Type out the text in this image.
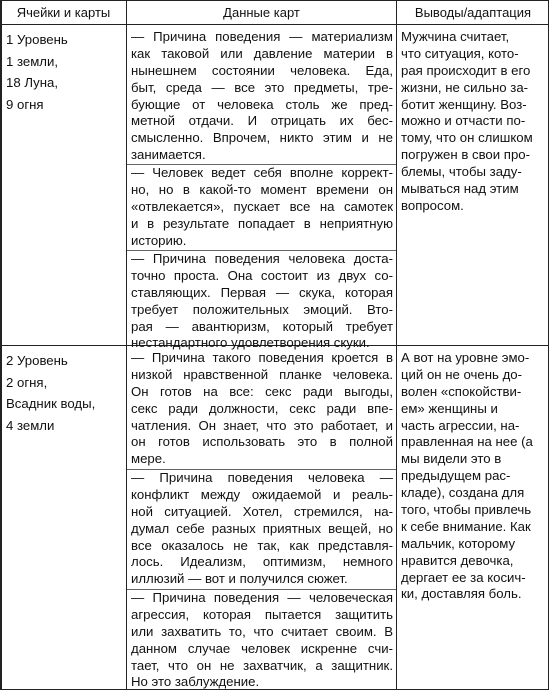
Ячейки и карты	Данные карт	Выводы/адаптация
1 Уровень
1 земли,
18 Луна,
9 огня
— Причина поведения — материализм
как таковой или давление материи в
нынешнем состоянии человека. Еда,
быт, среда — все это предметы, тре-
бующие от человека столь же пред-
метной отдачи. И отрицать их бес-
смысленно. Впрочем, никто этим и не
занимается.
— Человек ведет себя вполне коррект-
но, но в какой-то момент времени он
«отвлекается», пускает все на самотек
и в результате попадает в неприятную
историю.
— Причина поведения человека доста-
точно проста. Она состоит из двух со-
ставляющих. Первая — скука, которая
требует положительных эмоций. Вто-
рая — авантюризм, который требует
нестандартного удовлетворения скуки.
Мужчина считает,
что ситуация, кото-
рая происходит в его
жизни, не сильно за-
ботит женщину. Воз-
можно и отчасти по-
тому, что он слишком
погружен в свои про-
блемы, чтобы заду-
мываться над этим
вопросом.
2 Уровень
2 огня,
Всадник воды,
4 земли
— Причина такого поведения кроется в
низкой нравственной планке человека.
Он готов на все: секс ради выгоды,
секс ради должности, секс ради впе-
чатления. Он знает, что это работает, и
он готов использовать это в полной
мере.
— Причина поведения человека —
конфликт между ожидаемой и реаль-
ной ситуацией. Хотел, стремился, на-
думал себе разных приятных вещей, но
все оказалось не так, как представля-
лось. Идеализм, оптимизм, немного
иллюзий — вот и получился сюжет.
— Причина поведения — человеческая
агрессия, которая пытается защитить
или захватить то, что считает своим. В
данном случае человек искренне счи-
тает, что он не захватчик, а защитник.
Но это заблуждение.
А вот на уровне эмо-
ций он не очень до-
волен «спокойстви-
ем» женщины и
часть агрессии, на-
правленная на нее (а
мы видели это в
предыдущем рас-
кладе), создана для
того, чтобы привлечь
к себе внимание. Как
мальчик, которому
нравится девочка,
дергает ее за косич-
ки, доставляя боль.
